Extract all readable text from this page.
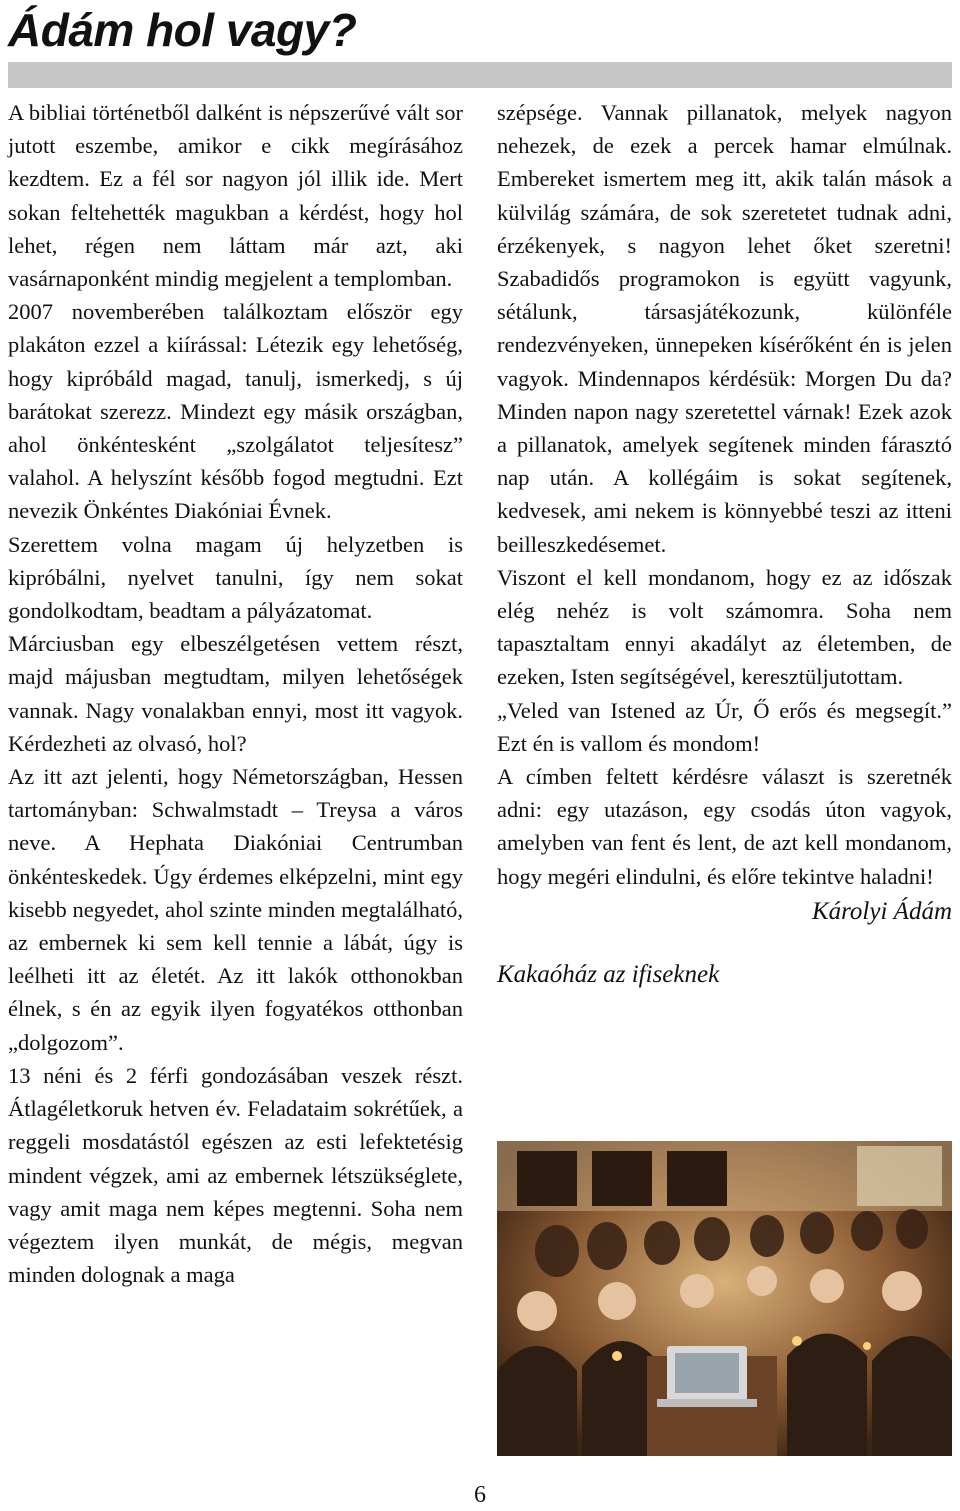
Ádám hol vagy?

A bibliai történetből dalként is népszerűvé vált sor jutott eszembe, amikor e cikk megírásához kezdtem. Ez a fél sor nagyon jól illik ide. Mert sokan feltehették magukban a kérdést, hogy hol lehet, régen nem láttam már azt, aki vasárnaponként mindig megjelent a templomban.

2007 novemberében találkoztam először egy plakáton ezzel a kiírással: Létezik egy lehetőség, hogy kipróbáld magad, tanulj, ismerkedj, s új barátokat szerezz. Mindezt egy másik országban, ahol önkéntesként „szolgálatot teljesítesz” valahol. A helyszínt később fogod megtudni. Ezt nevezik Önkéntes Diakóniai Évnek.

Szerettem volna magam új helyzetben is kipróbálni, nyelvet tanulni, így nem sokat gondolkodtam, beadtam a pályázatomat.

Márciusban egy elbeszélgetésen vettem részt, majd májusban megtudtam, milyen lehetőségek vannak. Nagy vonalakban ennyi, most itt vagyok. Kérdezheti az olvasó, hol?

Az itt azt jelenti, hogy Németországban, Hessen tartományban: Schwalmstadt – Treysa a város neve. A Hephata Diakóniai Centrumban önkénteskedek. Úgy érdemes elképzelni, mint egy kisebb negyedet, ahol szinte minden megtalálható, az embernek ki sem kell tennie a lábát, úgy is leélheti itt az életét. Az itt lakók otthonokban élnek, s én az egyik ilyen fogyatékos otthonban „dolgozom”.

13 néni és 2 férfi gondozásában veszek részt. Átlagéletkoruk hetven év. Feladataim sokrétűek, a reggeli mosdatástól egészen az esti lefektetésig mindent végzek, ami az embernek létszükséglete, vagy amit maga nem képes megtenni. Soha nem végeztem ilyen munkát, de mégis, megvan minden dolognak a maga

szépsége. Vannak pillanatok, melyek nagyon nehezek, de ezek a percek hamar elmúlnak. Embereket ismertem meg itt, akik talán mások a külvilág számára, de sok szeretetet tudnak adni, érzékenyek, s nagyon lehet őket szeretni! Szabadidős programokon is együtt vagyunk, sétálunk, társasjátékozunk, különféle rendezvényeken, ünnepeken kísérőként én is jelen vagyok. Mindennapos kérdésük: Morgen Du da? Minden napon nagy szeretettel várnak! Ezek azok a pillanatok, amelyek segítenek minden fárasztó nap után. A kollégáim is sokat segítenek, kedvesek, ami nekem is könnyebbé teszi az itteni beilleszkedésemet.

Viszont el kell mondanom, hogy ez az időszak elég nehéz is volt számomra. Soha nem tapasztaltam ennyi akadályt az életemben, de ezeken, Isten segítségével, keresztüljutottam.

„Veled van Istened az Úr, Ő erős és megsegít.” Ezt én is vallom és mondom!

A címben feltett kérdésre választ is szeretnék adni: egy utazáson, egy csodás úton vagyok, amelyben van fent és lent, de azt kell mondanom, hogy megéri elindulni, és előre tekintve haladni!

Károlyi Ádám

Kakaóház az ifiseknek

6
